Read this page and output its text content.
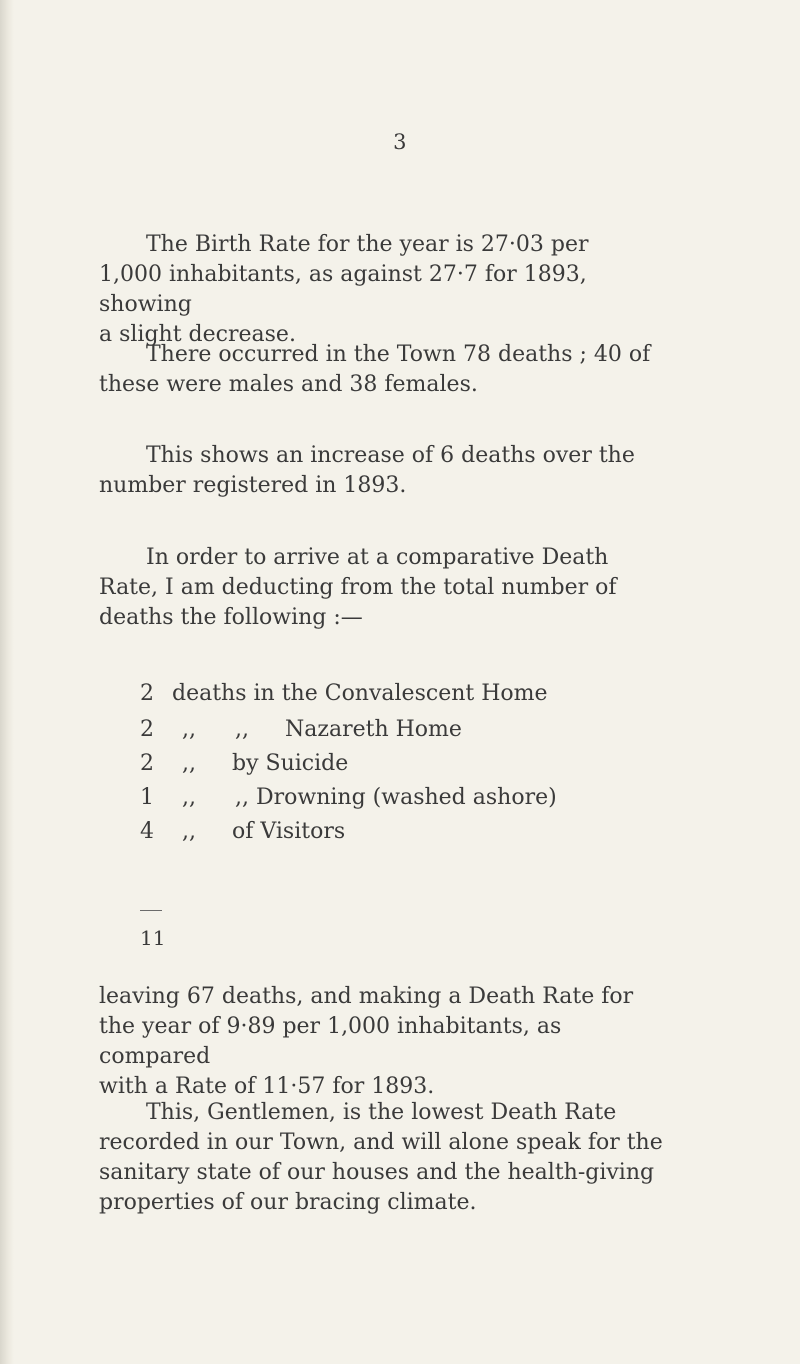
3
The Birth Rate for the year is 27·03 per
1,000 inhabitants, as against 27·7 for 1893, showing
a slight decrease.
There occurred in the Town 78 deaths ; 40 of
these were males and 38 females.
This shows an increase of 6 deaths over the
number registered in 1893.
In order to arrive at a comparative Death
Rate, I am deducting from the total number of
deaths the following :—
2 deaths in the Convalescent Home
2	,,	,,	Nazareth Home
2	,,	by Suicide
1	,,	,, Drowning (washed ashore)
4	,,	of Visitors
11
leaving 67 deaths, and making a Death Rate for
the year of 9·89 per 1,000 inhabitants, as compared
with a Rate of 11·57 for 1893.
This, Gentlemen, is the lowest Death Rate
recorded in our Town, and will alone speak for the
sanitary state of our houses and the health-giving
properties of our bracing climate.
